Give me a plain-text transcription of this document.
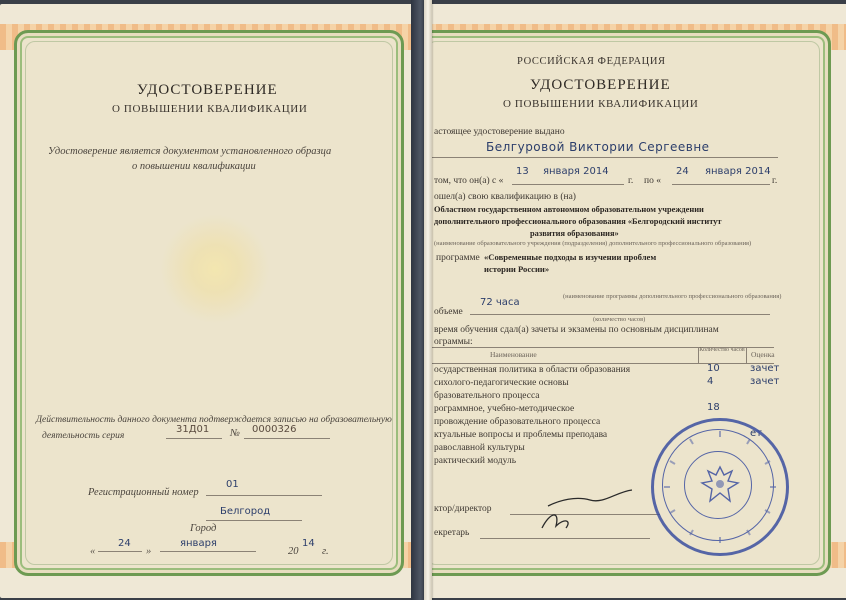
УДОСТОВЕРЕНИЕ
О ПОВЫШЕНИИ КВАЛИФИКАЦИИ
Удостоверение является документом установленного образца
о повышении квалификации
Действительность данного документа подтверждается записью на образовательную
деятельность серия
31Д01 № 0000326
Регистрационный номер
01
Город
Белгород
«
24
»
января
20
14
г.
РОССИЙСКАЯ ФЕДЕРАЦИЯ
УДОСТОВЕРЕНИЕ
О ПОВЫШЕНИИ КВАЛИФИКАЦИИ
астоящее удостоверение выдано
Белгуровой Виктории Сергеевне
том, что он(а) с «
13 января 2014
г. по «
24 января 2014
г.
ошел(а) свою квалификацию в (на)
Областном государственном автономном образовательном учреждении
дополнительного профессионального образования «Белгородский институт
развития образования»
(наименование образовательного учреждения (подразделения) дополнительного профессионального образования)
программе «Современные подходы в изучении проблем
истории России»
(наименование программы дополнительного профессионального образования)
объеме
72 часа
(количество часов)
время обучения сдал(а) зачеты и экзамены по основным дисциплинам
ограммы:
Наименование	Количество часов Оценка
осударственная политика в области образования	10	зачет
сихолого-педагогические основы	4	зачет
бразовательного процесса
рограммное, учебно-методическое	18
провождение образовательного процесса
ктуальные вопросы и проблемы преподава	ет
равославной культуры
рактический модуль
ктор/директор
екретарь
